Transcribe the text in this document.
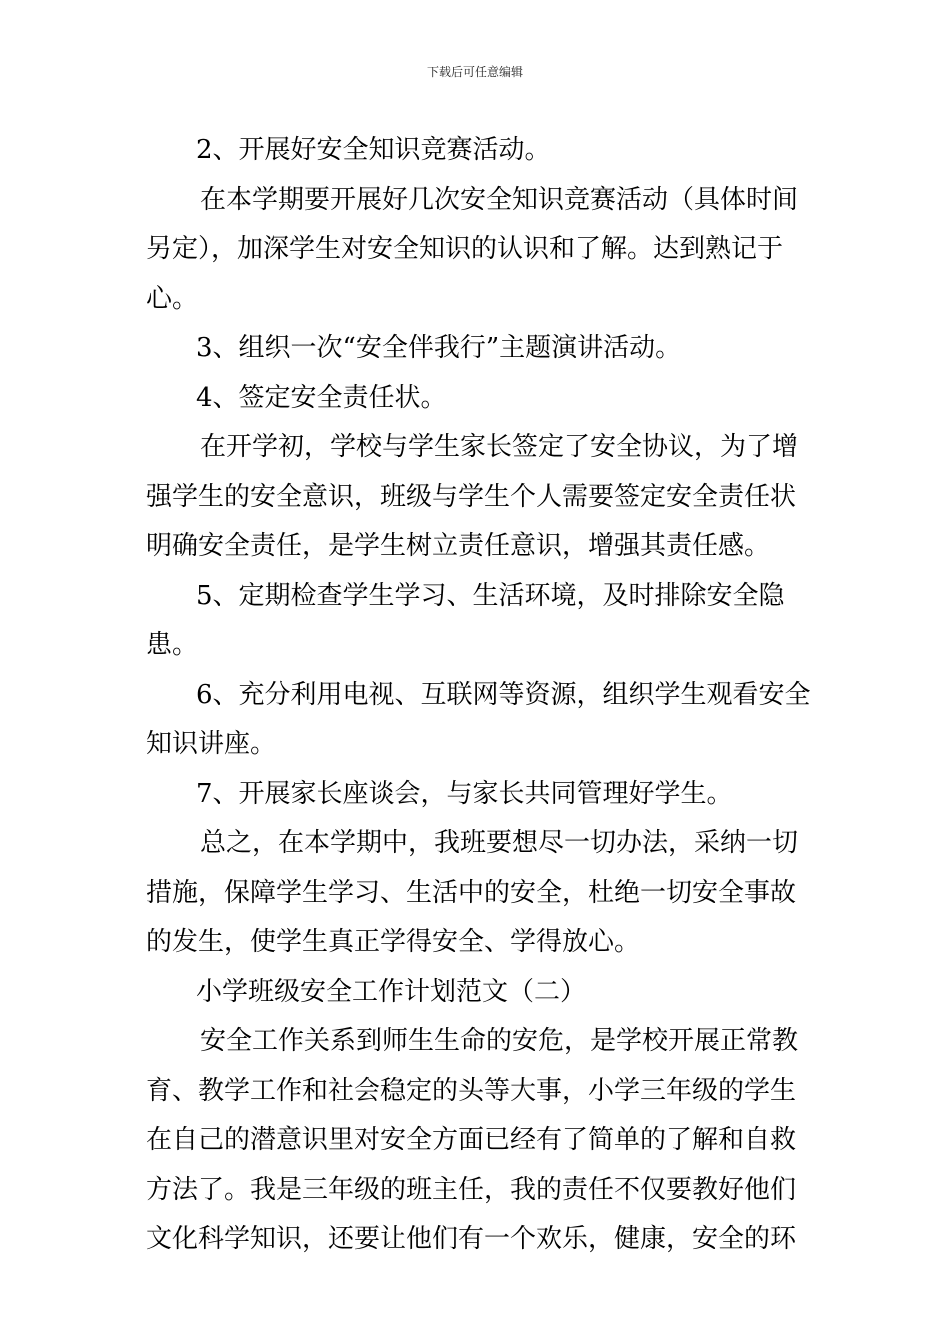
下载后可任意编辑

2、开展好安全知识竞赛活动。

在本学期要开展好几次安全知识竞赛活动（具体时间另定），加深学生对安全知识的认识和了解。达到熟记于心。

3、组织一次“安全伴我行”主题演讲活动。

4、签定安全责任状。

在开学初，学校与学生家长签定了安全协议，为了增强学生的安全意识，班级与学生个人需要签定安全责任状明确安全责任，是学生树立责任意识，增强其责任感。

5、定期检查学生学习、生活环境，及时排除安全隐患。

6、充分利用电视、互联网等资源，组织学生观看安全知识讲座。

7、开展家长座谈会，与家长共同管理好学生。

总之，在本学期中，我班要想尽一切办法，采纳一切措施，保障学生学习、生活中的安全，杜绝一切安全事故的发生，使学生真正学得安全、学得放心。

小学班级安全工作计划范文（二）

安全工作关系到师生生命的安危，是学校开展正常教育、教学工作和社会稳定的头等大事，小学三年级的学生在自己的潜意识里对安全方面已经有了简单的了解和自救方法了。我是三年级的班主任，我的责任不仅要教好他们文化科学知识，还要让他们有一个欢乐，健康，安全的环
